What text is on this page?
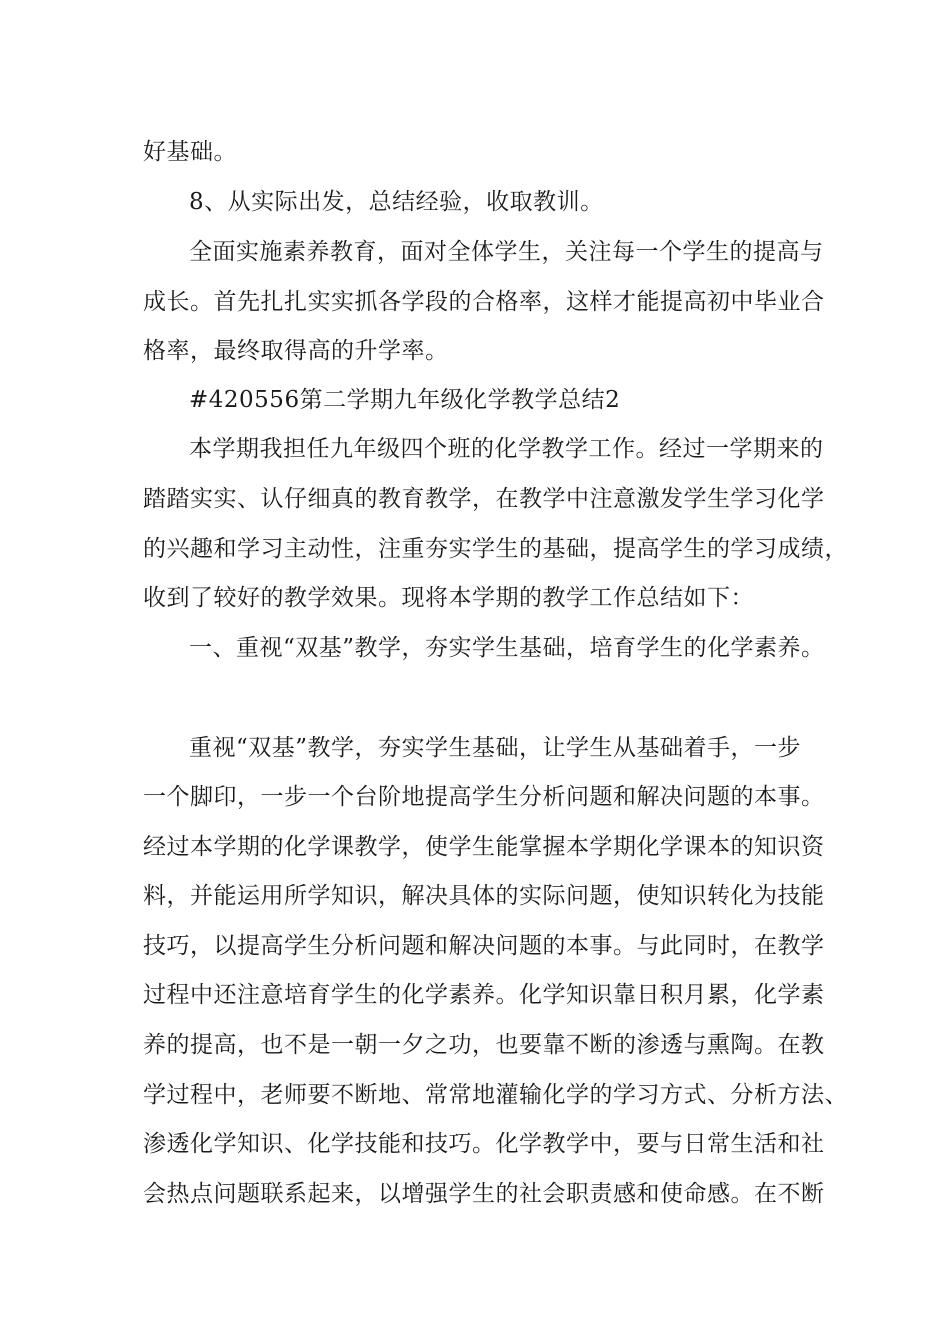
好基础。
8、从实际出发，总结经验，收取教训。
全面实施素养教育，面对全体学生，关注每一个学生的提高与
成长。首先扎扎实实抓各学段的合格率，这样才能提高初中毕业合
格率，最终取得高的升学率。
#420556第二学期九年级化学教学总结2
本学期我担任九年级四个班的化学教学工作。经过一学期来的
踏踏实实、认仔细真的教育教学，在教学中注意激发学生学习化学
的兴趣和学习主动性，注重夯实学生的基础，提高学生的学习成绩，
收到了较好的教学效果。现将本学期的教学工作总结如下：
一、重视“双基”教学，夯实学生基础，培育学生的化学素养。
重视“双基”教学，夯实学生基础，让学生从基础着手，一步
一个脚印，一步一个台阶地提高学生分析问题和解决问题的本事。
经过本学期的化学课教学，使学生能掌握本学期化学课本的知识资
料，并能运用所学知识，解决具体的实际问题，使知识转化为技能
技巧，以提高学生分析问题和解决问题的本事。与此同时，在教学
过程中还注意培育学生的化学素养。化学知识靠日积月累，化学素
养的提高，也不是一朝一夕之功，也要靠不断的渗透与熏陶。在教
学过程中，老师要不断地、常常地灌输化学的学习方式、分析方法、
渗透化学知识、化学技能和技巧。化学教学中，要与日常生活和社
会热点问题联系起来，以增强学生的社会职责感和使命感。在不断
